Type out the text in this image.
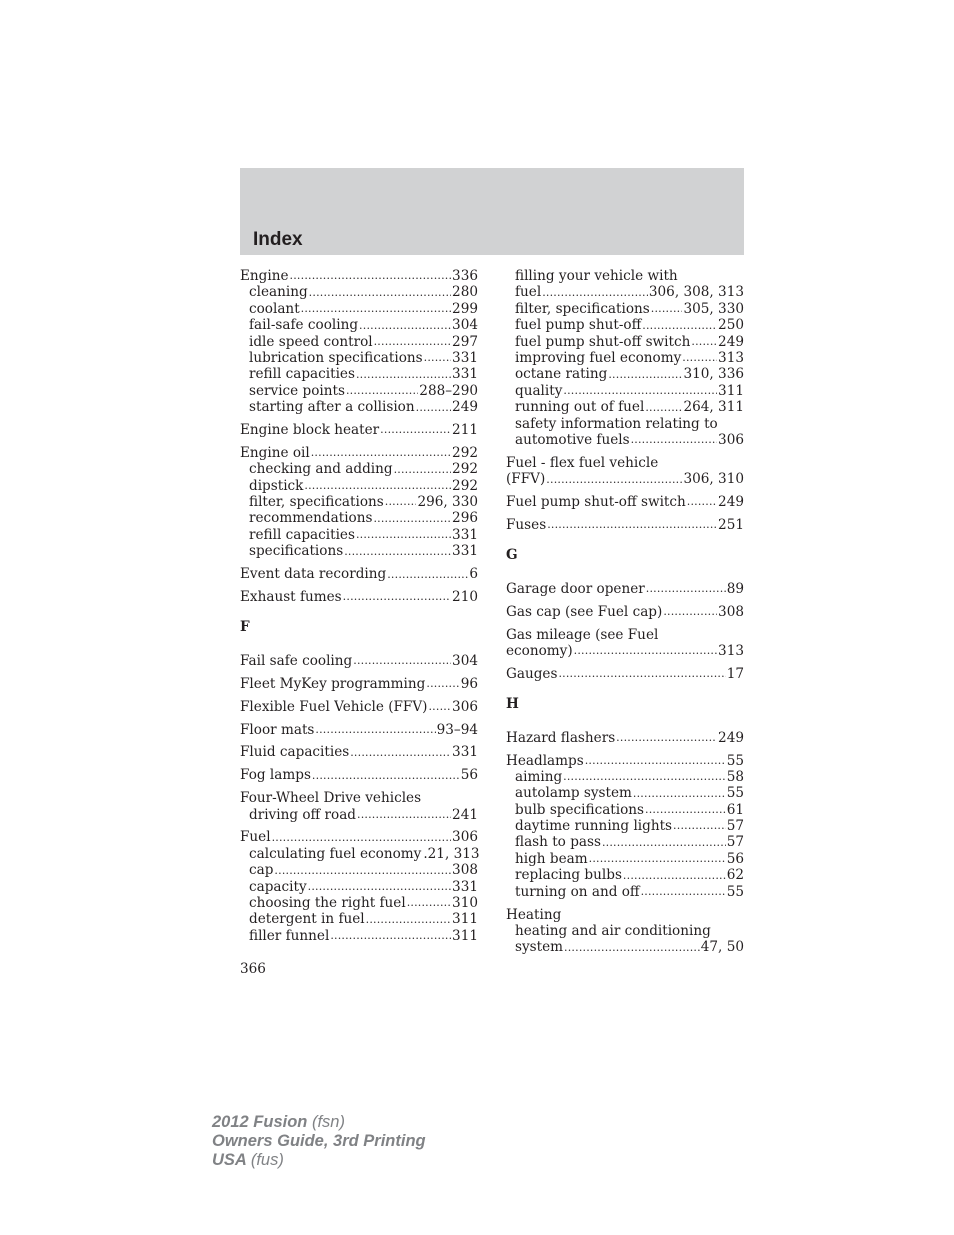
Index
Engine .....	336
cleaning .....	280
coolant .....	299
fail-safe cooling .....	304
idle speed control .....	297
lubrication specifications ..... 331
refill capacities .....	331
service points .....	288–290
starting after a collision .....	249
Engine block heater .....	211
Engine oil .....	292
checking and adding .....	292
dipstick .....	292
filter, specifications ..... 296, 330
recommendations .....	296
refill capacities .....	331
specifications .....	331
Event data recording .....	6
Exhaust fumes .....	210
F
Fail safe cooling .....	304
Fleet MyKey programming .....	96
Flexible Fuel Vehicle (FFV) ..... 306
Floor mats .....	93–94
Fluid capacities .....	331
Fog lamps .....	56
Four-Wheel Drive vehicles
driving off road .....	241
Fuel .....	306
calculating fuel economy .21, 313
cap .....	308
capacity .....	331
choosing the right fuel .....	310
detergent in fuel .....	311
filler funnel .....	311
filling your vehicle with
fuel .....	306, 308, 313
filter, specifications ..... 305, 330
fuel pump shut-off .....	250
fuel pump shut-off switch ..... 249
improving fuel economy .....	313
octane rating .....	310, 336
quality .....	311
running out of fuel .....	264, 311
safety information relating to
automotive fuels .....	306
Fuel - flex fuel vehicle
(FFV) .....	306, 310
Fuel pump shut-off switch ..... 249
Fuses .....	251
G
Garage door opener .....	89
Gas cap (see Fuel cap) .....	308
Gas mileage (see Fuel
economy) .....	313
Gauges .....	17
H
Hazard flashers .....	249
Headlamps .....	55
aiming .....	58
autolamp system .....	55
bulb specifications .....	61
daytime running lights .....	57
flash to pass .....	57
high beam .....	56
replacing bulbs .....	62
turning on and off .....	55
Heating
heating and air conditioning
system .....	47, 50
366
2012 Fusion (fsn)
Owners Guide, 3rd Printing
USA (fus)
